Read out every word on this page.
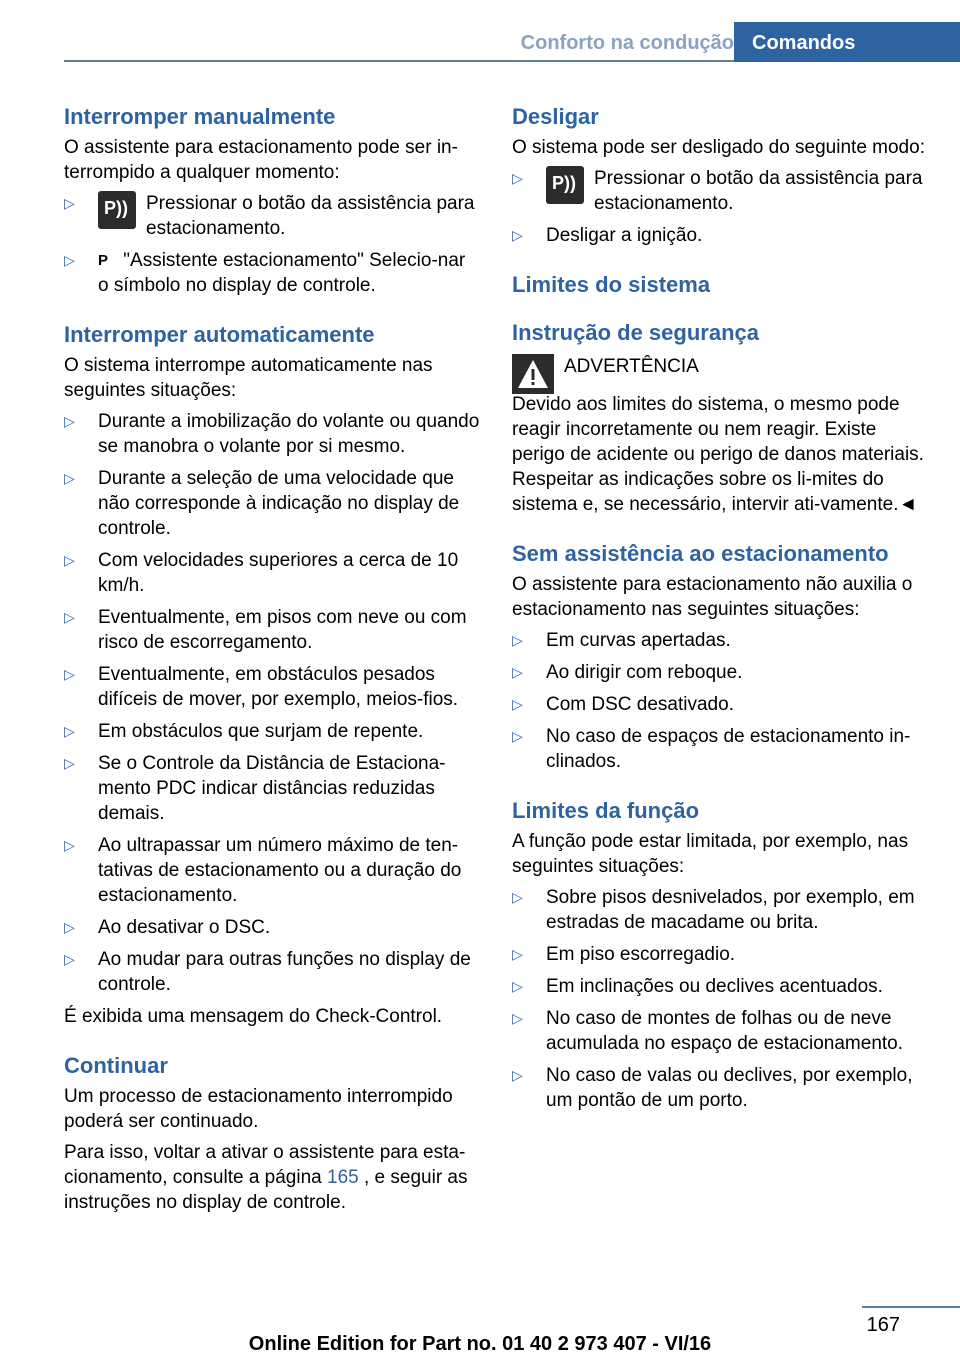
Conforto na condução Comandos
Interromper manualmente

O assistente para estacionamento pode ser in-terrompido a qualquer momento:

▷ P)) Pressionar o botão da assistência para estacionamento.
▷ P "Assistente estacionamento" Selecio-nar o símbolo no display de controle.
Interromper automaticamente

O sistema interrompe automaticamente nas seguintes situações:

▷ Durante a imobilização do volante ou quando se manobra o volante por si mesmo.
▷ Durante a seleção de uma velocidade que não corresponde à indicação no display de controle.
▷ Com velocidades superiores a cerca de 10 km/h.
▷ Eventualmente, em pisos com neve ou com risco de escorregamento.
▷ Eventualmente, em obstáculos pesados difíceis de mover, por exemplo, meios-fios.
▷ Em obstáculos que surjam de repente.
▷ Se o Controle da Distância de Estaciona-mento PDC indicar distâncias reduzidas demais.
▷ Ao ultrapassar um número máximo de ten-tativas de estacionamento ou a duração do estacionamento.
▷ Ao desativar o DSC.
▷ Ao mudar para outras funções no display de controle.

É exibida uma mensagem do Check-Control.

Continuar

Um processo de estacionamento interrompido poderá ser continuado.

Para isso, voltar a ativar o assistente para esta-cionamento, consulte a página 165 , e seguir as instruções no display de controle.

Desligar

O sistema pode ser desligado do seguinte modo:

▷ P)) Pressionar o botão da assistência para estacionamento.
▷ Desligar a ignição.
Limites do sistema
Instrução de segurança
ADVERTÊNCIA

Devido aos limites do sistema, o mesmo pode reagir incorretamente ou nem reagir. Existe perigo de acidente ou perigo de danos materiais. Respeitar as indicações sobre os li-mites do sistema e, se necessário, intervir ati-vamente.◄

Sem assistência ao estacionamento

O assistente para estacionamento não auxilia o estacionamento nas seguintes situações:

▷ Em curvas apertadas.
▷ Ao dirigir com reboque.
▷ Com DSC desativado.
▷ No caso de espaços de estacionamento in-clinados.
Limites da função

A função pode estar limitada, por exemplo, nas seguintes situações:

▷ Sobre pisos desnivelados, por exemplo, em estradas de macadame ou brita.
▷ Em piso escorregadio.
▷ Em inclinações ou declives acentuados.
▷ No caso de montes de folhas ou de neve acumulada no espaço de estacionamento.
▷ No caso de valas ou declives, por exemplo, um pontão de um porto.
167
Online Edition for Part no. 01 40 2 973 407 - VI/16
